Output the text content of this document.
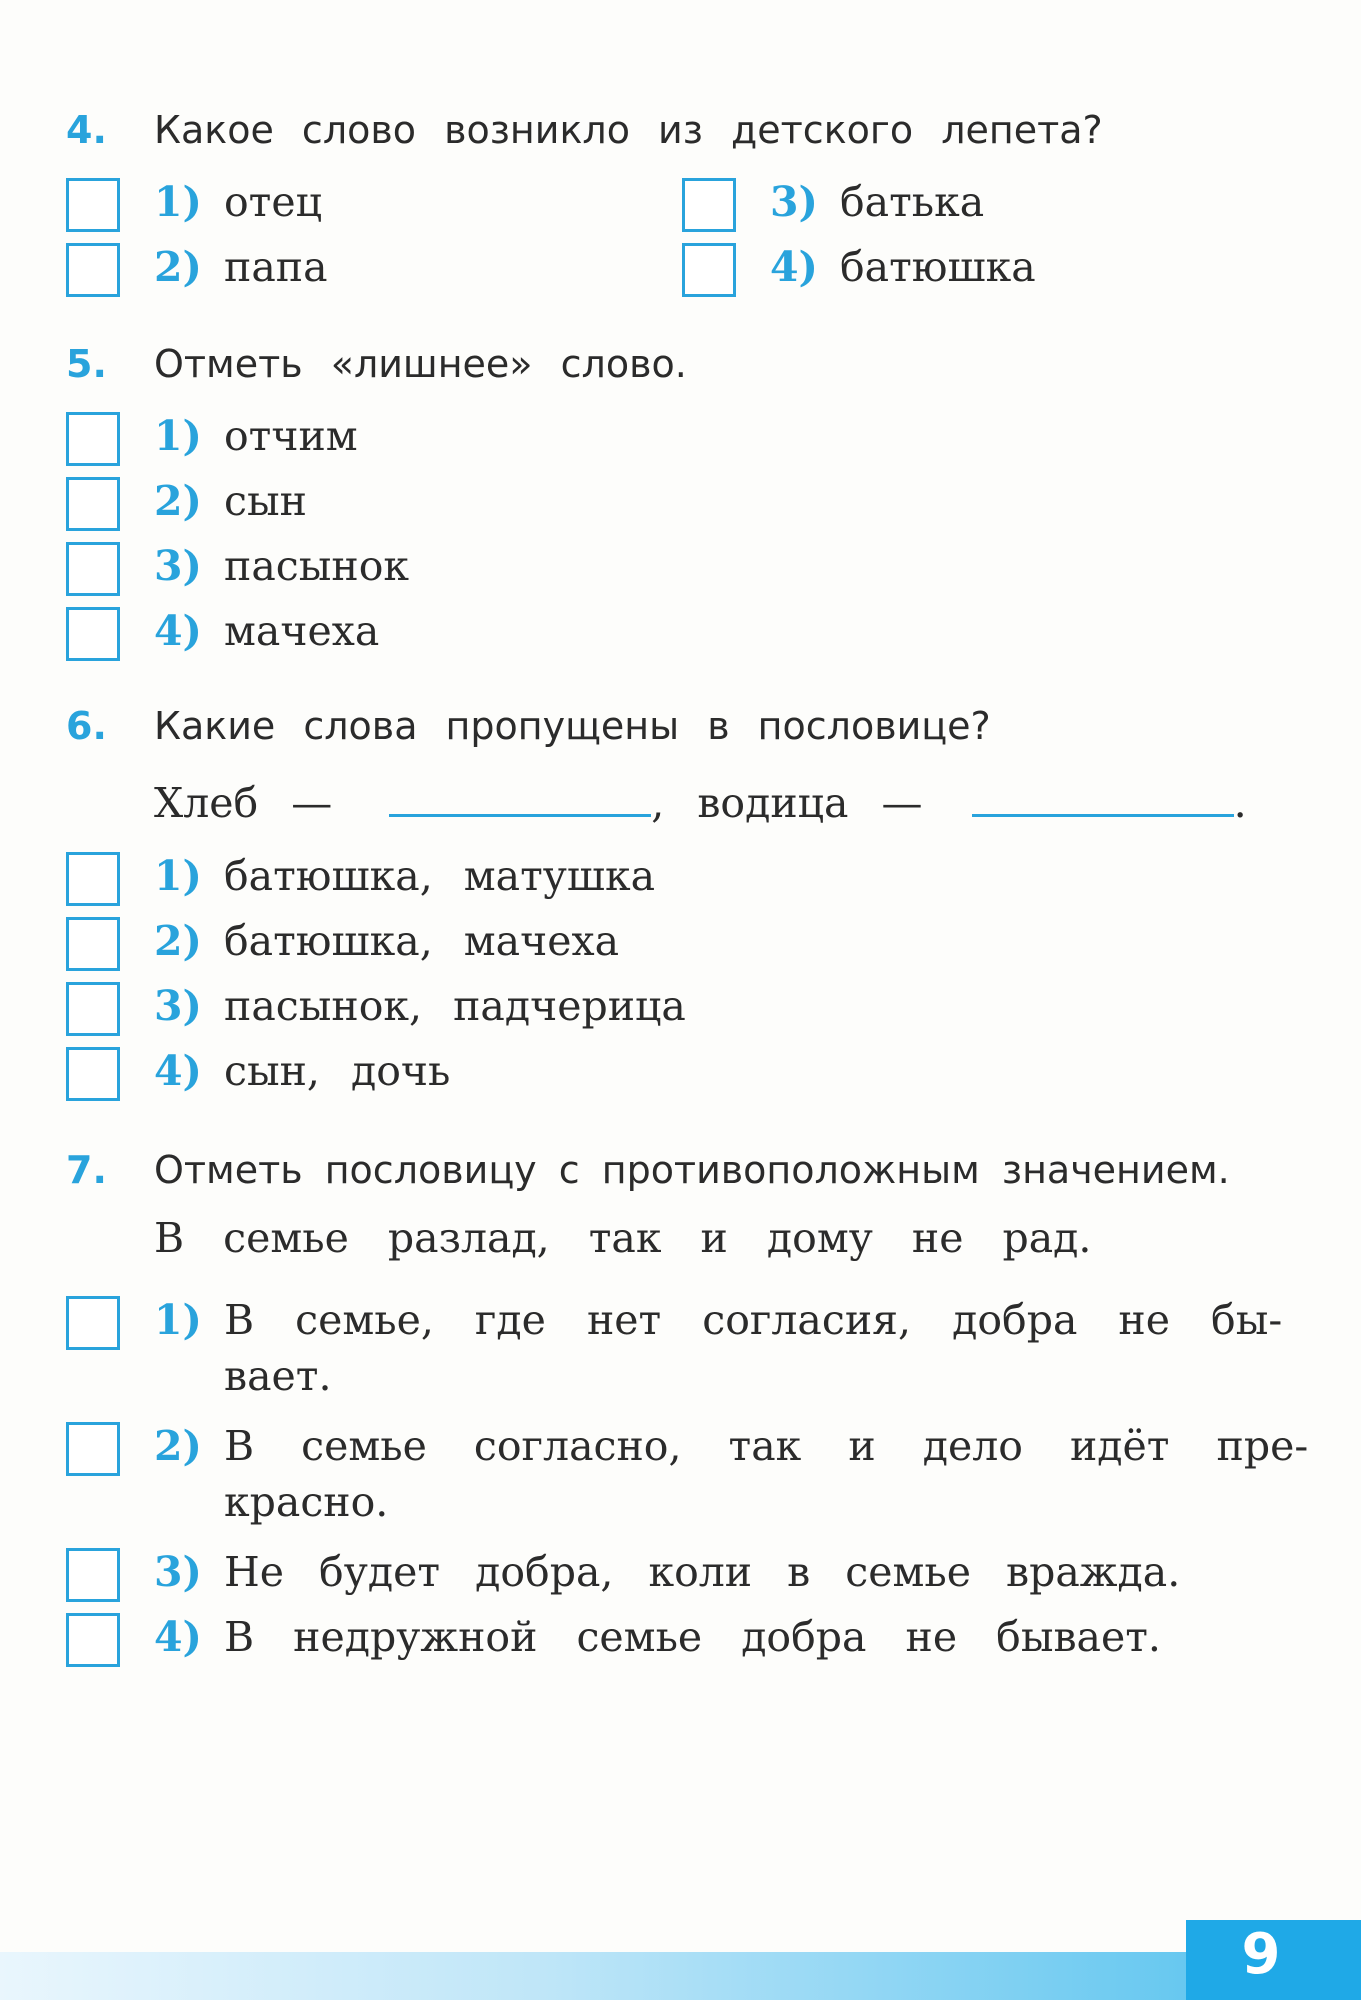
4. Какое слово возникло из детского лепета?
1) отец
2) папа
3) батька
4) батюшка
5. Отметь «лишнее» слово.
1) отчим
2) сын
3) пасынок
4) мачеха
6. Какие слова пропущены в пословице?
Хлеб —	, водица —	.
1) батюшка, матушка
2) батюшка, мачеха
3) пасынок, падчерица
4) сын, дочь
7. Отметь пословицу с противоположным значением.
В семье разлад, так и дому не рад.
1) В семье, где нет согласия, добра не бы-
вает.
2) В семье согласно, так и дело идёт пре-
красно.
3) Не будет добра, коли в семье вражда.
4) В недружной семье добра не бывает.
9
